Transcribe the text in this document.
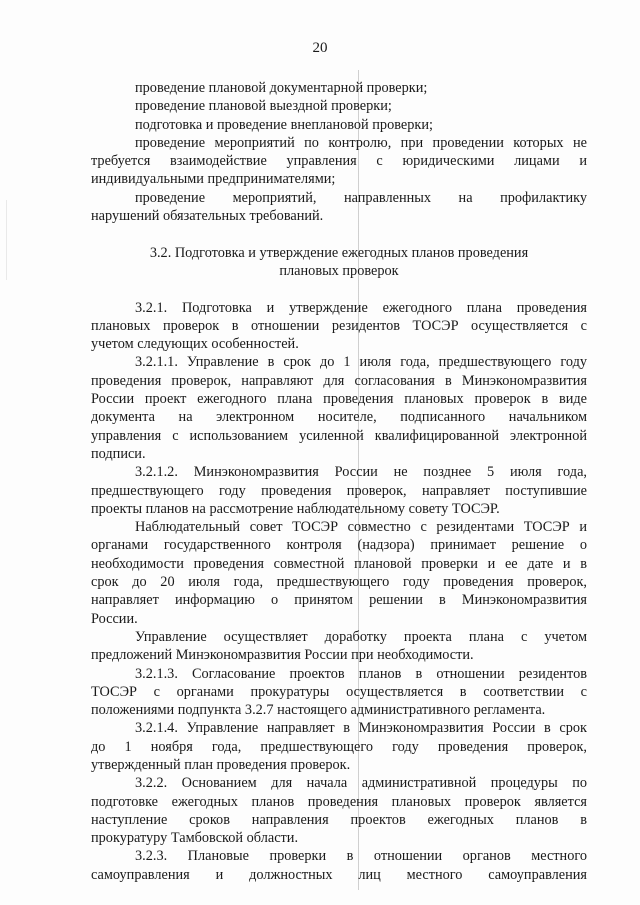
20
проведение плановой документарной проверки;
проведение плановой выездной проверки;
подготовка и проведение внеплановой проверки;
проведение мероприятий по контролю, при проведении которых не
требуется взаимодействие управления с юридическими лицами и
индивидуальными предпринимателями;
проведение мероприятий, направленных на профилактику
нарушений обязательных требований.
3.2. Подготовка и утверждение ежегодных планов проведения
плановых проверок
3.2.1. Подготовка и утверждение ежегодного плана проведения
плановых проверок в отношении резидентов ТОСЭР осуществляется с
учетом следующих особенностей.
3.2.1.1. Управление в срок до 1 июля года, предшествующего году
проведения проверок, направляют для согласования в Минэкономразвития
России проект ежегодного плана проведения плановых проверок в виде
документа на электронном носителе, подписанного начальником
управления с использованием усиленной квалифицированной электронной
подписи.
3.2.1.2. Минэкономразвития России не позднее 5 июля года,
предшествующего году проведения проверок, направляет поступившие
проекты планов на рассмотрение наблюдательному совету ТОСЭР.
Наблюдательный совет ТОСЭР совместно с резидентами ТОСЭР и
органами государственного контроля (надзора) принимает решение о
необходимости проведения совместной плановой проверки и ее дате и в
срок до 20 июля года, предшествующего году проведения проверок,
направляет информацию о принятом решении в Минэкономразвития
России.
Управление осуществляет доработку проекта плана с учетом
предложений Минэкономразвития России при необходимости.
3.2.1.3. Согласование проектов планов в отношении резидентов
ТОСЭР с органами прокуратуры осуществляется в соответствии с
положениями подпункта 3.2.7 настоящего административного регламента.
3.2.1.4. Управление направляет в Минэкономразвития России в срок
до 1 ноября года, предшествующего году проведения проверок,
утвержденный план проведения проверок.
3.2.2. Основанием для начала административной процедуры по
подготовке ежегодных планов проведения плановых проверок является
наступление сроков направления проектов ежегодных планов в
прокуратуру Тамбовской области.
3.2.3. Плановые проверки в отношении органов местного
самоуправления и должностных лиц местного самоуправления
